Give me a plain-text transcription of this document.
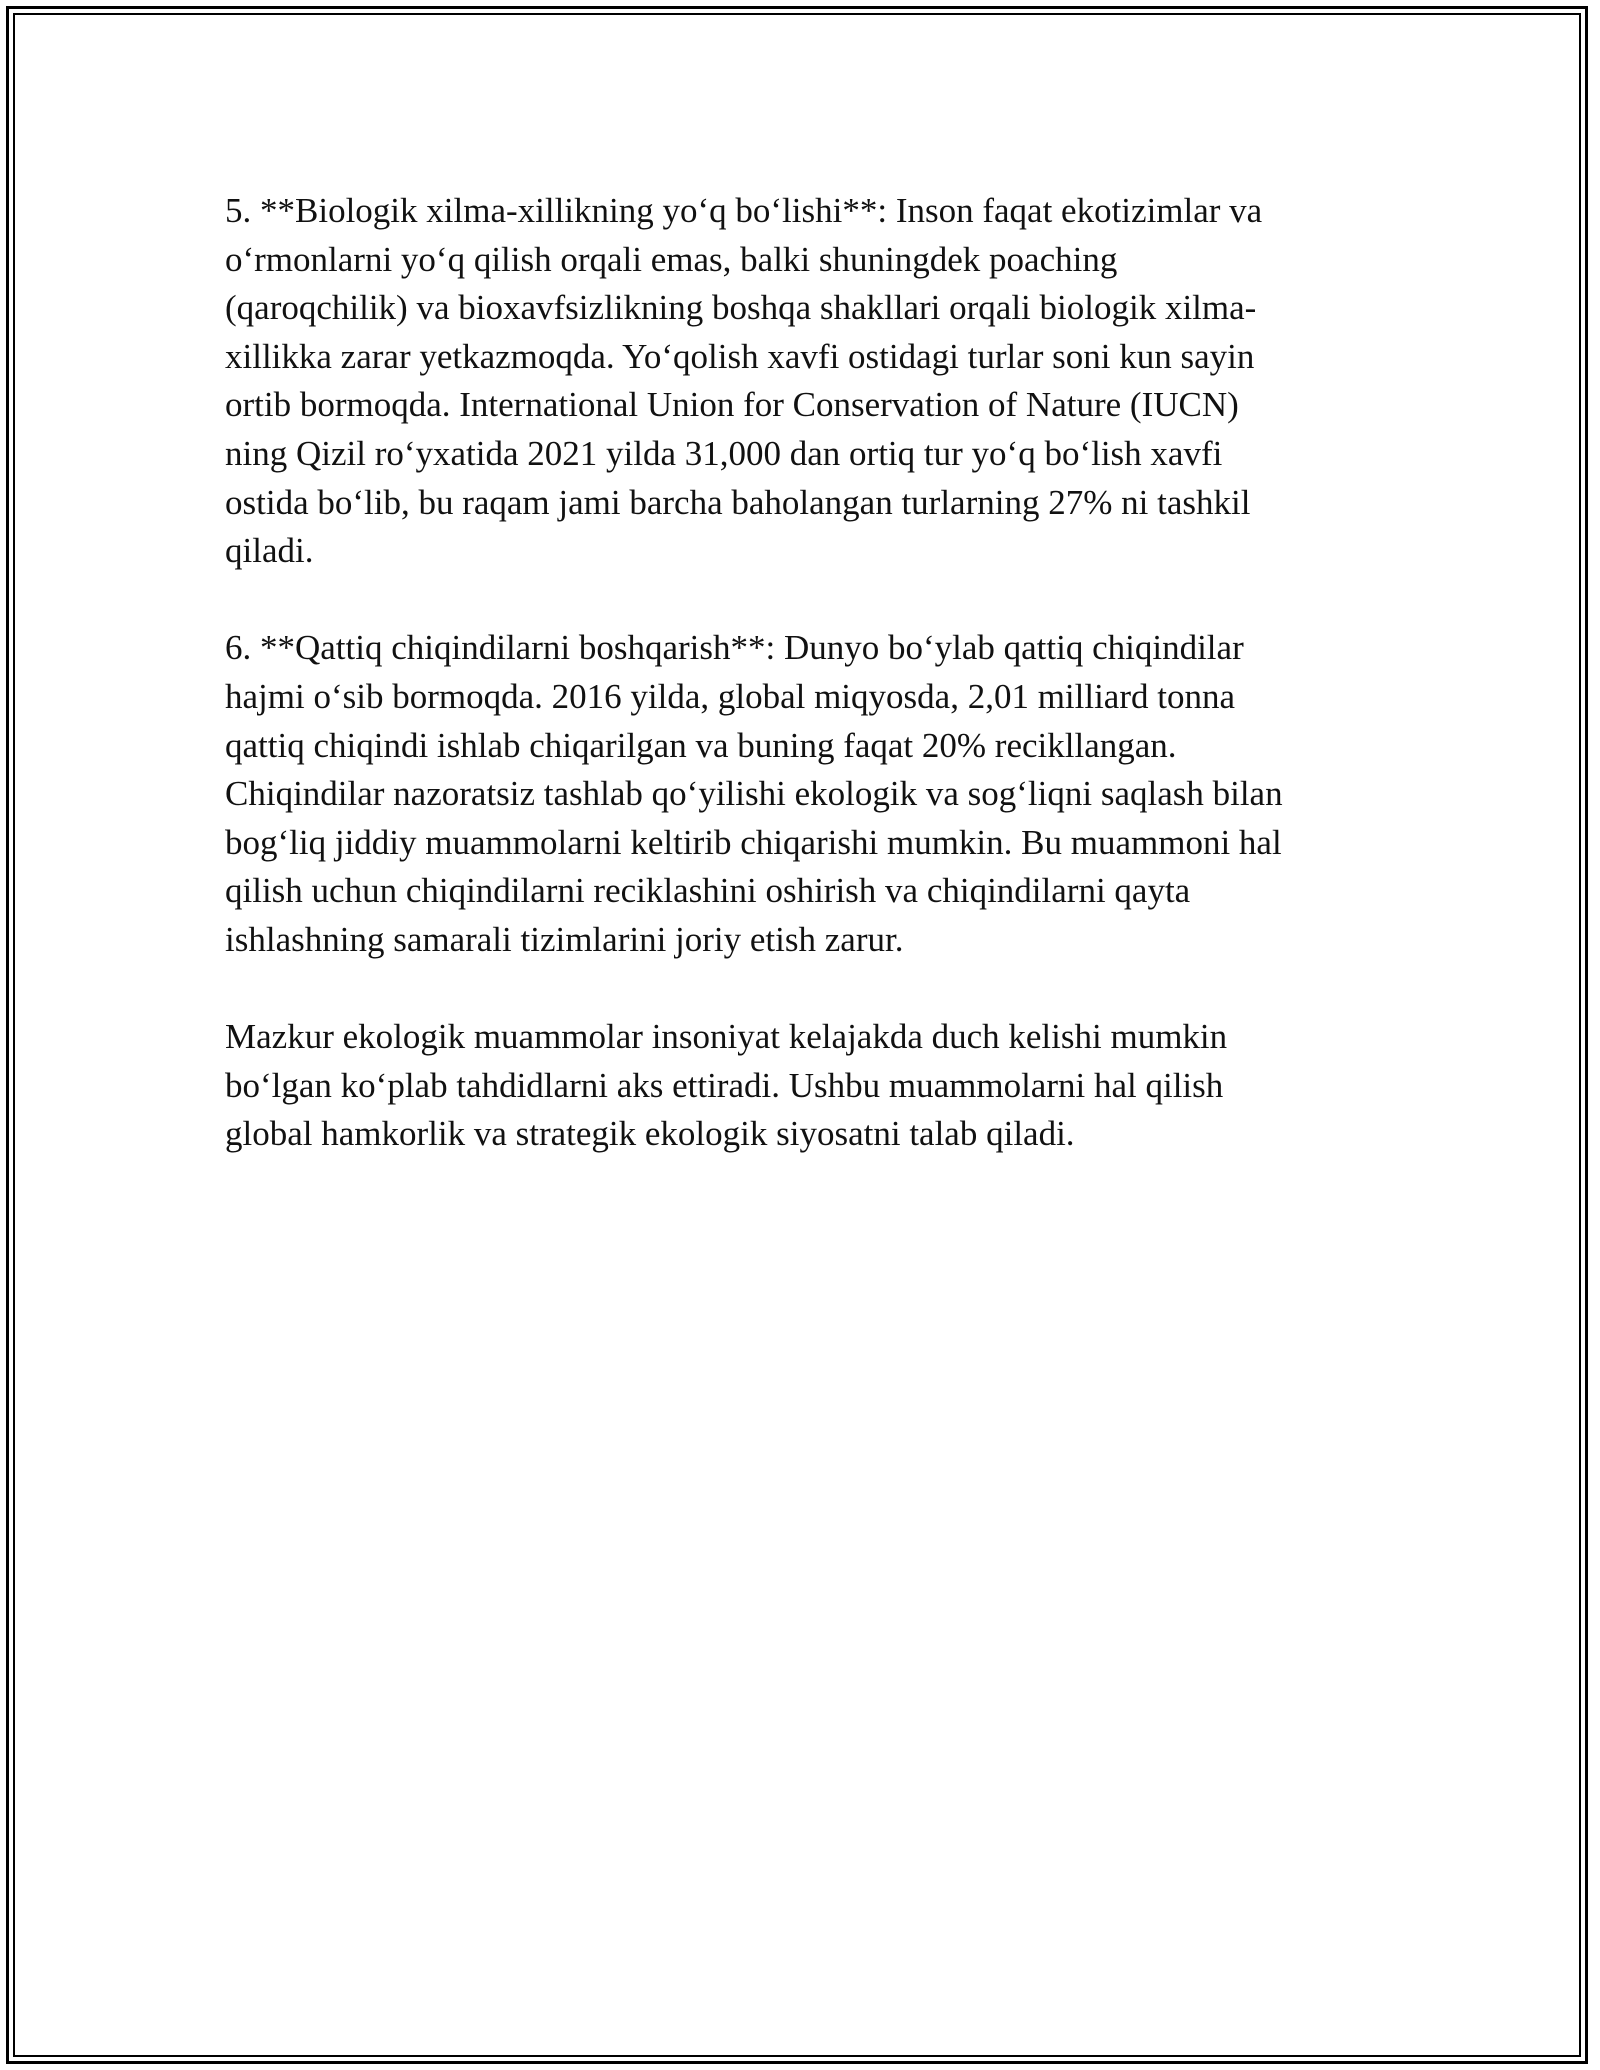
5. **Biologik xilma-xillikning yo‘q bo‘lishi**: Inson faqat ekotizimlar va
o‘rmonlarni yo‘q qilish orqali emas, balki shuningdek poaching
(qaroqchilik) va bioxavfsizlikning boshqa shakllari orqali biologik xilma-
xillikka zarar yetkazmoqda. Yo‘qolish xavfi ostidagi turlar soni kun sayin
ortib bormoqda. International Union for Conservation of Nature (IUCN)
ning Qizil ro‘yxatida 2021 yilda 31,000 dan ortiq tur yo‘q bo‘lish xavfi
ostida bo‘lib, bu raqam jami barcha baholangan turlarning 27% ni tashkil
qiladi.
6. **Qattiq chiqindilarni boshqarish**: Dunyo bo‘ylab qattiq chiqindilar
hajmi o‘sib bormoqda. 2016 yilda, global miqyosda, 2,01 milliard tonna
qattiq chiqindi ishlab chiqarilgan va buning faqat 20% recikllangan.
Chiqindilar nazoratsiz tashlab qo‘yilishi ekologik va sog‘liqni saqlash bilan
bog‘liq jiddiy muammolarni keltirib chiqarishi mumkin. Bu muammoni hal
qilish uchun chiqindilarni reciklashini oshirish va chiqindilarni qayta
ishlashning samarali tizimlarini joriy etish zarur.
Mazkur ekologik muammolar insoniyat kelajakda duch kelishi mumkin
bo‘lgan ko‘plab tahdidlarni aks ettiradi. Ushbu muammolarni hal qilish
global hamkorlik va strategik ekologik siyosatni talab qiladi.
